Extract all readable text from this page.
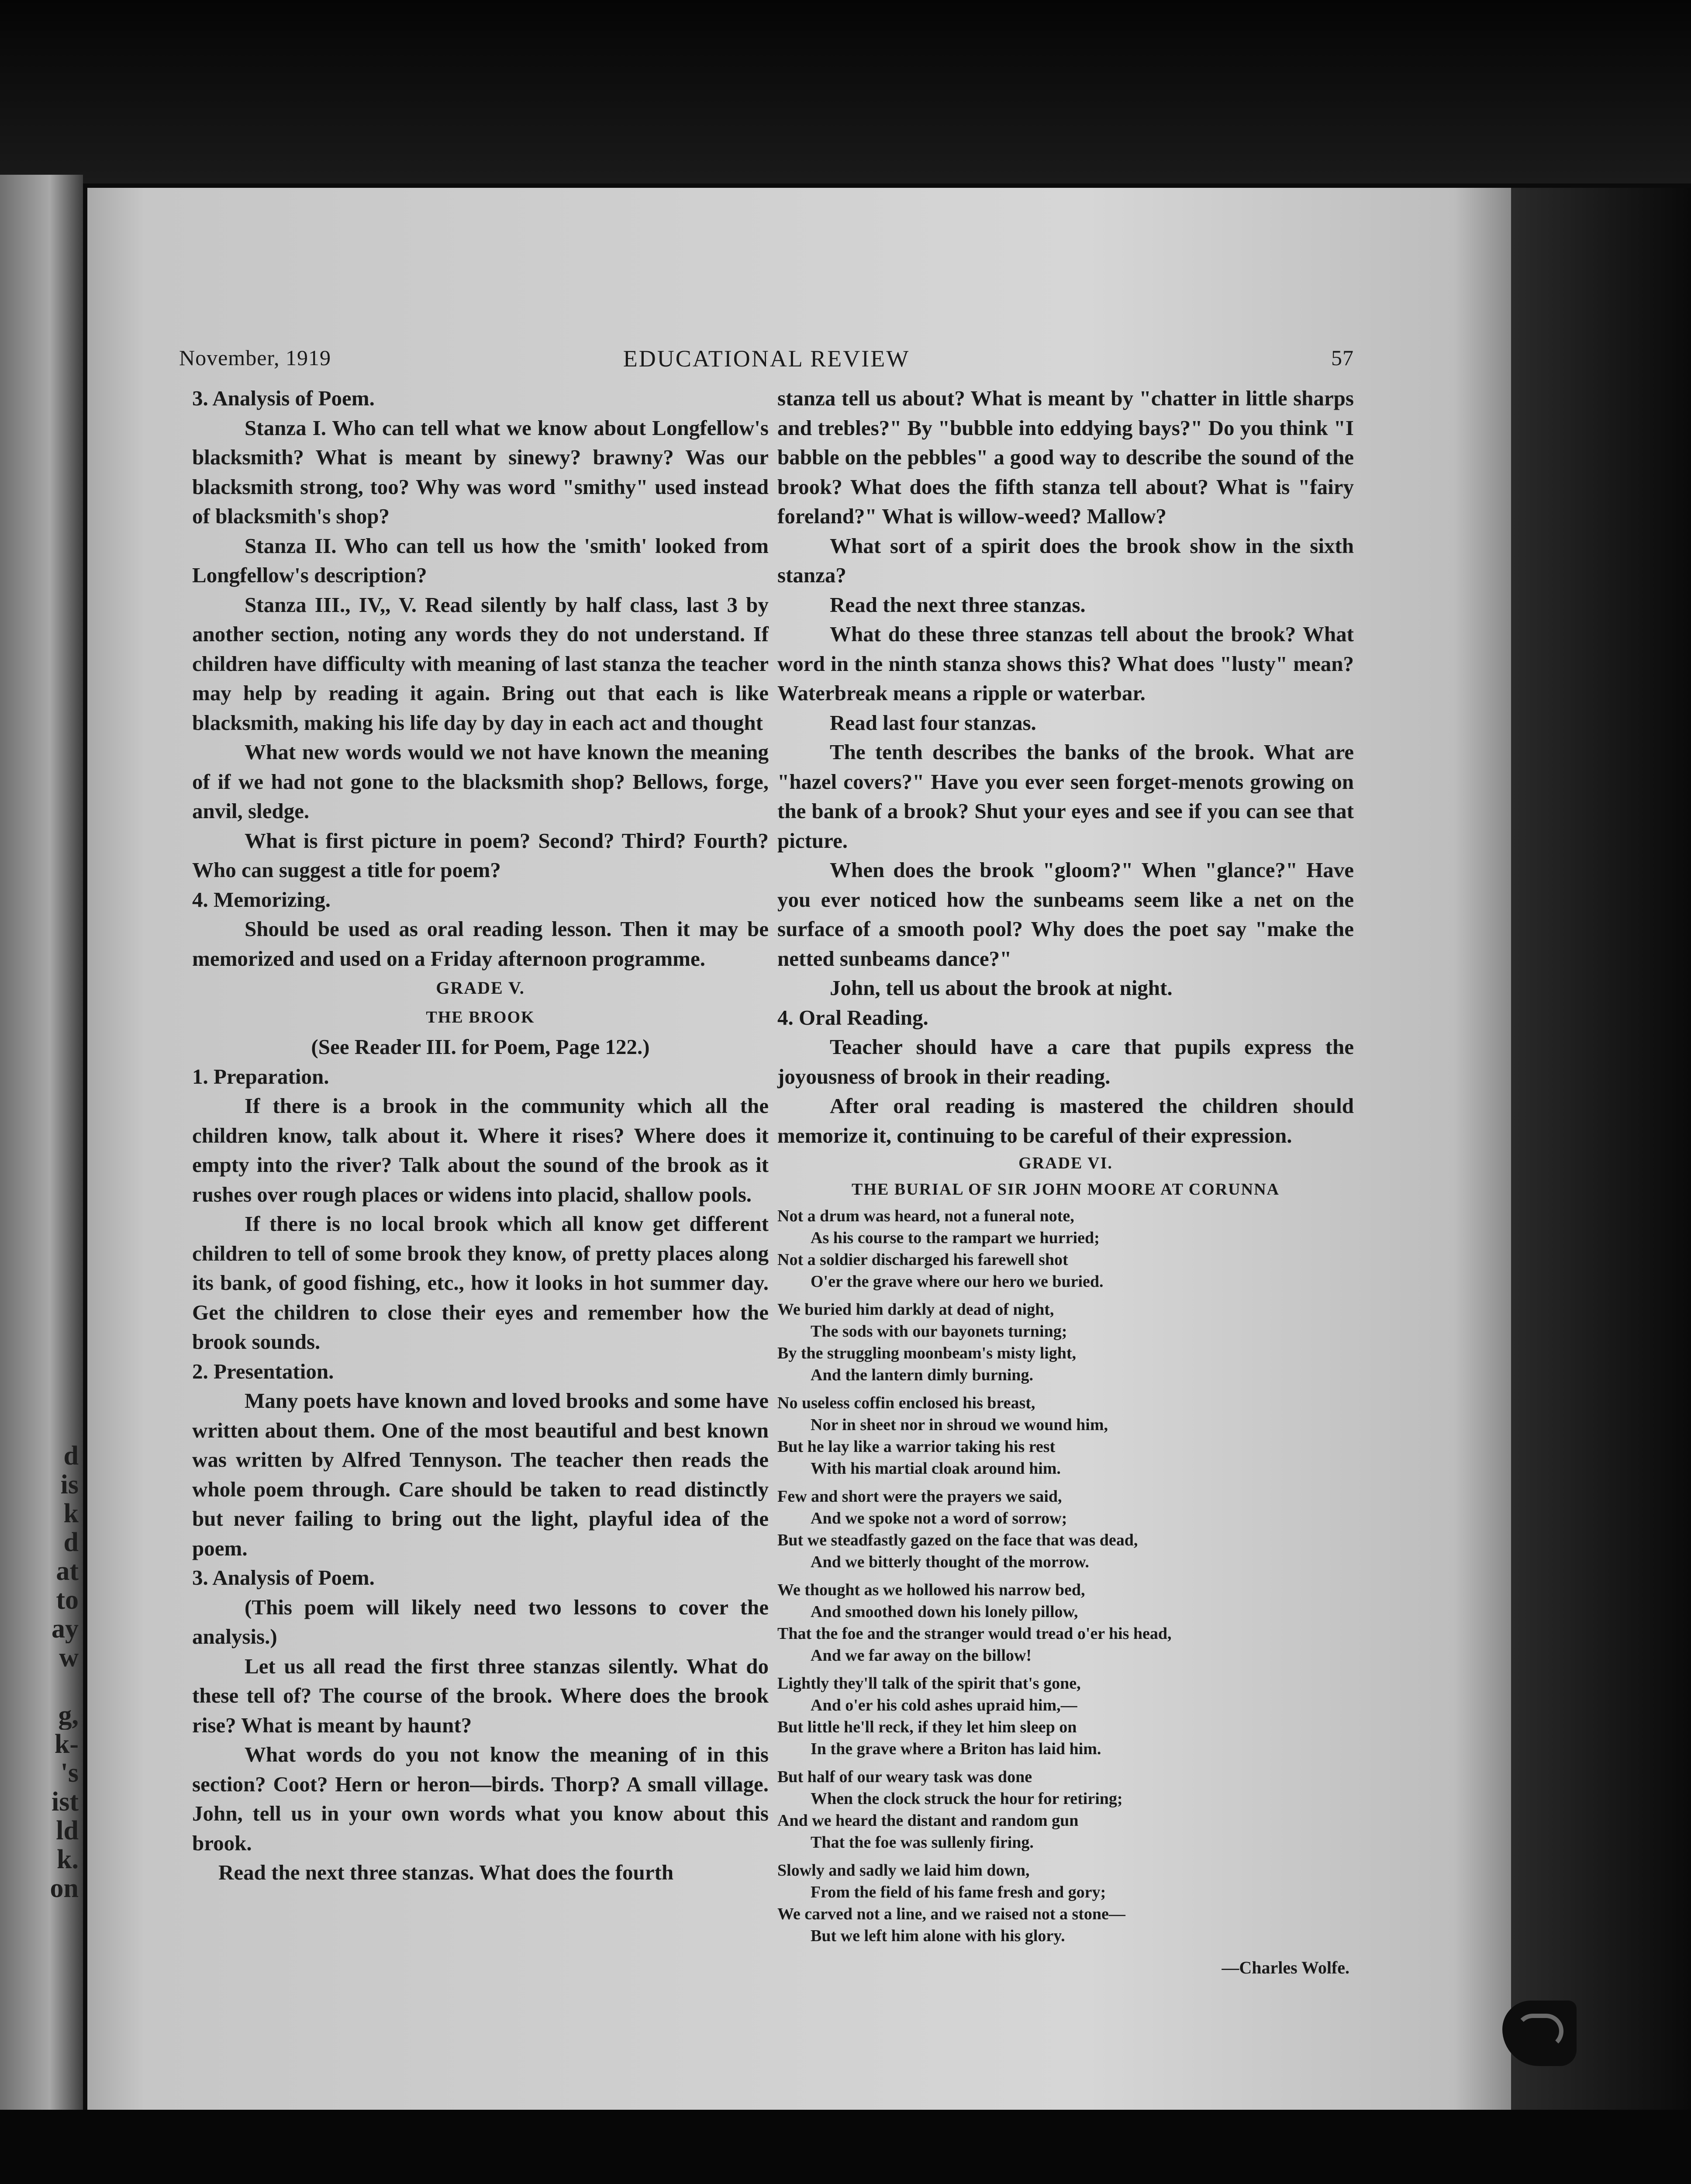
d
is
k
d
at
to
ay
w
g,
k-
's
ist
ld
k.
on
November, 1919	EDUCATIONAL REVIEW	57

3. Analysis of Poem.

Stanza I. Who can tell what we know about Longfellow's blacksmith? What is meant by sinewy? brawny? Was our blacksmith strong, too? Why was word "smithy" used instead of blacksmith's shop?

Stanza II. Who can tell us how the 'smith' looked from Longfellow's description?

Stanza III., IV,, V. Read silently by half class, last 3 by another section, noting any words they do not understand. If children have difficulty with meaning of last stanza the teacher may help by reading it again. Bring out that each is like blacksmith, making his life day by day in each act and thought

What new words would we not have known the meaning of if we had not gone to the blacksmith shop? Bellows, forge, anvil, sledge.

What is first picture in poem? Second? Third? Fourth? Who can suggest a title for poem?

4. Memorizing.

Should be used as oral reading lesson. Then it may be memorized and used on a Friday afternoon programme.

GRADE V.

THE BROOK

(See Reader III. for Poem, Page 122.)

1. Preparation.

If there is a brook in the community which all the children know, talk about it. Where it rises? Where does it empty into the river? Talk about the sound of the brook as it rushes over rough places or widens into placid, shallow pools.

If there is no local brook which all know get different children to tell of some brook they know, of pretty places along its bank, of good fishing, etc., how it looks in hot summer day. Get the children to close their eyes and remember how the brook sounds.

2. Presentation.

Many poets have known and loved brooks and some have written about them. One of the most beautiful and best known was written by Alfred Tennyson. The teacher then reads the whole poem through. Care should be taken to read distinctly but never failing to bring out the light, playful idea of the poem.

3. Analysis of Poem.

(This poem will likely need two lessons to cover the analysis.)

Let us all read the first three stanzas silently. What do these tell of? The course of the brook. Where does the brook rise? What is meant by haunt?

What words do you not know the meaning of in this section? Coot? Hern or heron—birds. Thorp? A small village. John, tell us in your own words what you know about this brook.

Read the next three stanzas. What does the fourth

stanza tell us about? What is meant by "chatter in little sharps and trebles?" By "bubble into eddying bays?" Do you think "I babble on the pebbles" a good way to describe the sound of the brook? What does the fifth stanza tell about? What is "fairy foreland?" What is willow-weed? Mallow?

What sort of a spirit does the brook show in the sixth stanza?

Read the next three stanzas.

What do these three stanzas tell about the brook? What word in the ninth stanza shows this? What does "lusty" mean? Waterbreak means a ripple or waterbar.

Read last four stanzas.

The tenth describes the banks of the brook. What are "hazel covers?" Have you ever seen forget-menots growing on the bank of a brook? Shut your eyes and see if you can see that picture.

When does the brook "gloom?" When "glance?" Have you ever noticed how the sunbeams seem like a net on the surface of a smooth pool? Why does the poet say "make the netted sunbeams dance?"

John, tell us about the brook at night.

4. Oral Reading.

Teacher should have a care that pupils express the joyousness of brook in their reading.

After oral reading is mastered the children should memorize it, continuing to be careful of their expression.

GRADE VI.

THE BURIAL OF SIR JOHN MOORE AT CORUNNA

Not a drum was heard, not a funeral note,
As his course to the rampart we hurried;
Not a soldier discharged his farewell shot
O'er the grave where our hero we buried.
We buried him darkly at dead of night,
The sods with our bayonets turning;
By the struggling moonbeam's misty light,
And the lantern dimly burning.
No useless coffin enclosed his breast,
Nor in sheet nor in shroud we wound him,
But he lay like a warrior taking his rest
With his martial cloak around him.
Few and short were the prayers we said,
And we spoke not a word of sorrow;
But we steadfastly gazed on the face that was dead,
And we bitterly thought of the morrow.
We thought as we hollowed his narrow bed,
And smoothed down his lonely pillow,
That the foe and the stranger would tread o'er his head,
And we far away on the billow!
Lightly they'll talk of the spirit that's gone,
And o'er his cold ashes upraid him,—
But little he'll reck, if they let him sleep on
In the grave where a Briton has laid him.
But half of our weary task was done
When the clock struck the hour for retiring;
And we heard the distant and random gun
That the foe was sullenly firing.
Slowly and sadly we laid him down,
From the field of his fame fresh and gory;
We carved not a line, and we raised not a stone—
But we left him alone with his glory.

—Charles Wolfe.
